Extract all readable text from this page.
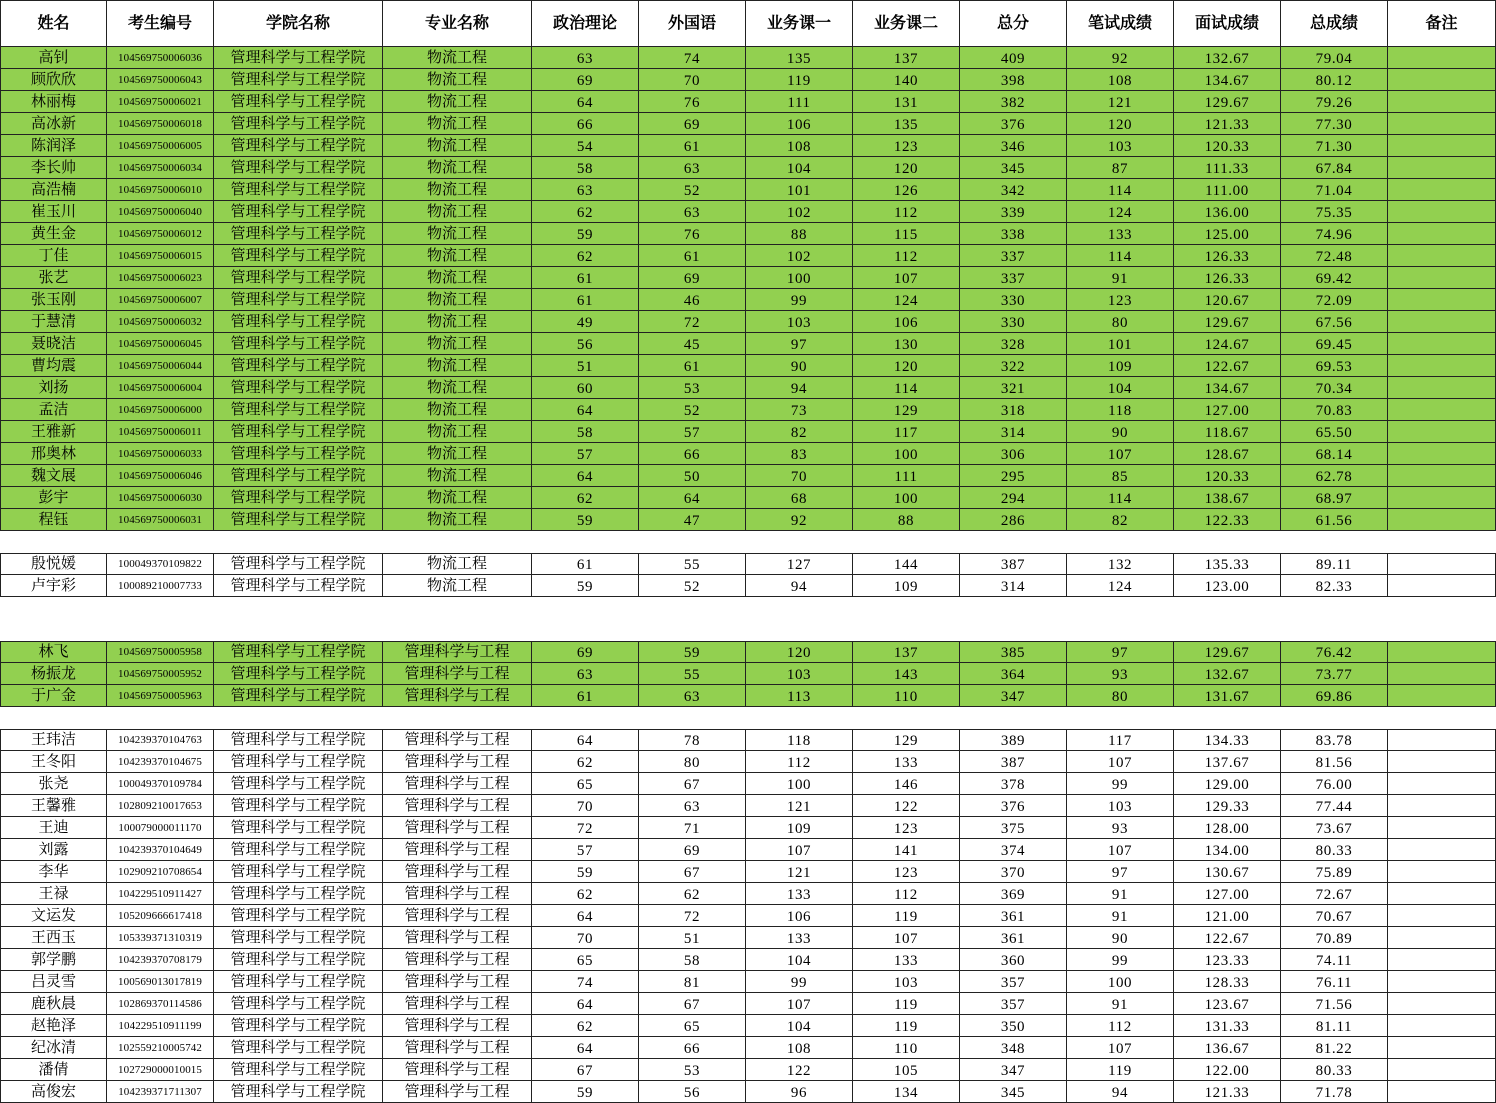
姓名	考生编号	学院名称	专业名称	政治理论	外国语	业务课一	业务课二	总分	笔试成绩	面试成绩	总成绩	备注
高钊	104569750006036	管理科学与工程学院	物流工程	63	74	135	137	409	92	132.67	79.04
顾欣欣	104569750006043	管理科学与工程学院	物流工程	69	70	119	140	398	108	134.67	80.12
林丽梅	104569750006021	管理科学与工程学院	物流工程	64	76	111	131	382	121	129.67	79.26
高冰新	104569750006018	管理科学与工程学院	物流工程	66	69	106	135	376	120	121.33	77.30
陈润泽	104569750006005	管理科学与工程学院	物流工程	54	61	108	123	346	103	120.33	71.30
李长帅	104569750006034	管理科学与工程学院	物流工程	58	63	104	120	345	87	111.33	67.84
高浩楠	104569750006010	管理科学与工程学院	物流工程	63	52	101	126	342	114	111.00	71.04
崔玉川	104569750006040	管理科学与工程学院	物流工程	62	63	102	112	339	124	136.00	75.35
黄生金	104569750006012	管理科学与工程学院	物流工程	59	76	88	115	338	133	125.00	74.96
丁佳	104569750006015	管理科学与工程学院	物流工程	62	61	102	112	337	114	126.33	72.48
张艺	104569750006023	管理科学与工程学院	物流工程	61	69	100	107	337	91	126.33	69.42
张玉刚	104569750006007	管理科学与工程学院	物流工程	61	46	99	124	330	123	120.67	72.09
于慧清	104569750006032	管理科学与工程学院	物流工程	49	72	103	106	330	80	129.67	67.56
聂晓洁	104569750006045	管理科学与工程学院	物流工程	56	45	97	130	328	101	124.67	69.45
曹均震	104569750006044	管理科学与工程学院	物流工程	51	61	90	120	322	109	122.67	69.53
刘扬	104569750006004	管理科学与工程学院	物流工程	60	53	94	114	321	104	134.67	70.34
孟洁	104569750006000	管理科学与工程学院	物流工程	64	52	73	129	318	118	127.00	70.83
王雅新	104569750006011	管理科学与工程学院	物流工程	58	57	82	117	314	90	118.67	65.50
邢奥林	104569750006033	管理科学与工程学院	物流工程	57	66	83	100	306	107	128.67	68.14
魏文展	104569750006046	管理科学与工程学院	物流工程	64	50	70	111	295	85	120.33	62.78
彭宇	104569750006030	管理科学与工程学院	物流工程	62	64	68	100	294	114	138.67	68.97
程钰	104569750006031	管理科学与工程学院	物流工程	59	47	92	88	286	82	122.33	61.56
殷悦媛	100049370109822	管理科学与工程学院	物流工程	61	55	127	144	387	132	135.33	89.11
卢宇彩	100089210007733	管理科学与工程学院	物流工程	59	52	94	109	314	124	123.00	82.33
林飞	104569750005958	管理科学与工程学院	管理科学与工程	69	59	120	137	385	97	129.67	76.42
杨振龙	104569750005952	管理科学与工程学院	管理科学与工程	63	55	103	143	364	93	132.67	73.77
于广金	104569750005963	管理科学与工程学院	管理科学与工程	61	63	113	110	347	80	131.67	69.86
王玮洁	104239370104763	管理科学与工程学院	管理科学与工程	64	78	118	129	389	117	134.33	83.78
王冬阳	104239370104675	管理科学与工程学院	管理科学与工程	62	80	112	133	387	107	137.67	81.56
张尧	100049370109784	管理科学与工程学院	管理科学与工程	65	67	100	146	378	99	129.00	76.00
王馨雅	102809210017653	管理科学与工程学院	管理科学与工程	70	63	121	122	376	103	129.33	77.44
王迪	100079000011170	管理科学与工程学院	管理科学与工程	72	71	109	123	375	93	128.00	73.67
刘露	104239370104649	管理科学与工程学院	管理科学与工程	57	69	107	141	374	107	134.00	80.33
李华	102909210708654	管理科学与工程学院	管理科学与工程	59	67	121	123	370	97	130.67	75.89
王禄	104229510911427	管理科学与工程学院	管理科学与工程	62	62	133	112	369	91	127.00	72.67
文运发	105209666617418	管理科学与工程学院	管理科学与工程	64	72	106	119	361	91	121.00	70.67
王西玉	105339371310319	管理科学与工程学院	管理科学与工程	70	51	133	107	361	90	122.67	70.89
郭学鹏	104239370708179	管理科学与工程学院	管理科学与工程	65	58	104	133	360	99	123.33	74.11
吕灵雪	100569013017819	管理科学与工程学院	管理科学与工程	74	81	99	103	357	100	128.33	76.11
鹿秋晨	102869370114586	管理科学与工程学院	管理科学与工程	64	67	107	119	357	91	123.67	71.56
赵艳泽	104229510911199	管理科学与工程学院	管理科学与工程	62	65	104	119	350	112	131.33	81.11
纪冰清	102559210005742	管理科学与工程学院	管理科学与工程	64	66	108	110	348	107	136.67	81.22
潘倩	102729000010015	管理科学与工程学院	管理科学与工程	67	53	122	105	347	119	122.00	80.33
高俊宏	104239371711307	管理科学与工程学院	管理科学与工程	59	56	96	134	345	94	121.33	71.78
